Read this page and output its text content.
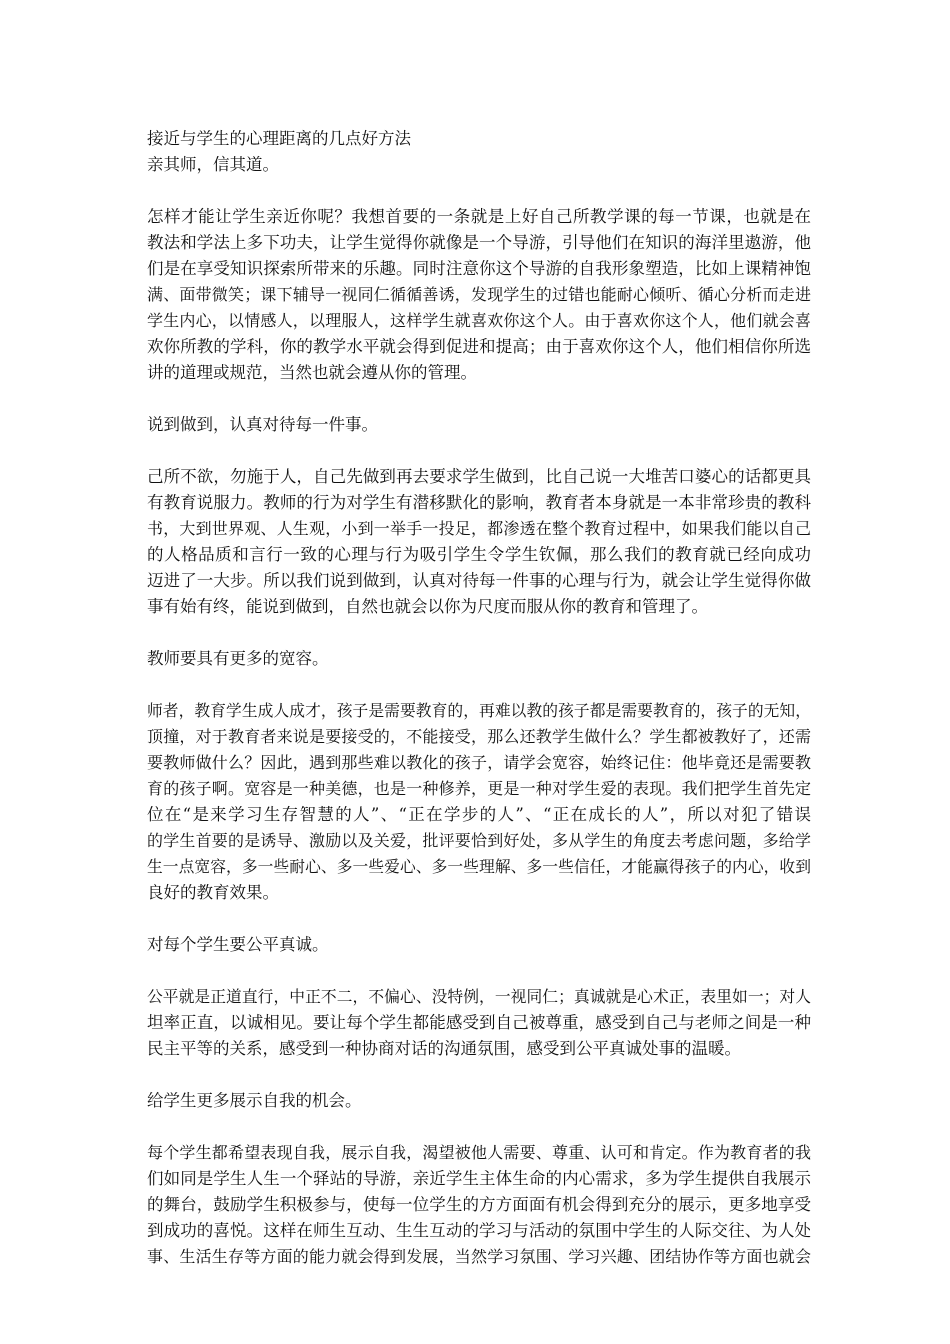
接近与学生的心理距离的几点好方法
亲其师，信其道。
怎样才能让学生亲近你呢？我想首要的一条就是上好自己所教学课的每一节课，也就是在
教法和学法上多下功夫，让学生觉得你就像是一个导游，引导他们在知识的海洋里遨游，他
们是在享受知识探索所带来的乐趣。同时注意你这个导游的自我形象塑造，比如上课精神饱
满、面带微笑；课下辅导一视同仁循循善诱，发现学生的过错也能耐心倾听、循心分析而走进
学生内心，以情感人，以理服人，这样学生就喜欢你这个人。由于喜欢你这个人，他们就会喜
欢你所教的学科，你的教学水平就会得到促进和提高；由于喜欢你这个人，他们相信你所选
讲的道理或规范，当然也就会遵从你的管理。
说到做到，认真对待每一件事。
己所不欲，勿施于人，自己先做到再去要求学生做到，比自己说一大堆苦口婆心的话都更具
有教育说服力。教师的行为对学生有潜移默化的影响，教育者本身就是一本非常珍贵的教科
书，大到世界观、人生观，小到一举手一投足，都渗透在整个教育过程中，如果我们能以自己
的人格品质和言行一致的心理与行为吸引学生令学生钦佩，那么我们的教育就已经向成功
迈进了一大步。所以我们说到做到，认真对待每一件事的心理与行为，就会让学生觉得你做
事有始有终，能说到做到，自然也就会以你为尺度而服从你的教育和管理了。
教师要具有更多的宽容。
师者，教育学生成人成才，孩子是需要教育的，再难以教的孩子都是需要教育的，孩子的无知，
顶撞，对于教育者来说是要接受的，不能接受，那么还教学生做什么？学生都被教好了，还需
要教师做什么？因此，遇到那些难以教化的孩子，请学会宽容，始终记住：他毕竟还是需要教
育的孩子啊。宽容是一种美德，也是一种修养，更是一种对学生爱的表现。我们把学生首先定
位在“是来学习生存智慧的人”、“正在学步的人”、“正在成长的人”，所以对犯了错误
的学生首要的是诱导、激励以及关爱，批评要恰到好处，多从学生的角度去考虑问题，多给学
生一点宽容，多一些耐心、多一些爱心、多一些理解、多一些信任，才能赢得孩子的内心，收到
良好的教育效果。
对每个学生要公平真诚。
公平就是正道直行，中正不二，不偏心、没特例，一视同仁；真诚就是心术正，表里如一；对人
坦率正直，以诚相见。要让每个学生都能感受到自己被尊重，感受到自己与老师之间是一种
民主平等的关系，感受到一种协商对话的沟通氛围，感受到公平真诚处事的温暖。
给学生更多展示自我的机会。
每个学生都希望表现自我，展示自我，渴望被他人需要、尊重、认可和肯定。作为教育者的我
们如同是学生人生一个驿站的导游，亲近学生主体生命的内心需求，多为学生提供自我展示
的舞台，鼓励学生积极参与，使每一位学生的方方面面有机会得到充分的展示，更多地享受
到成功的喜悦。这样在师生互动、生生互动的学习与活动的氛围中学生的人际交往、为人处
事、生活生存等方面的能力就会得到发展，当然学习氛围、学习兴趣、团结协作等方面也就会
